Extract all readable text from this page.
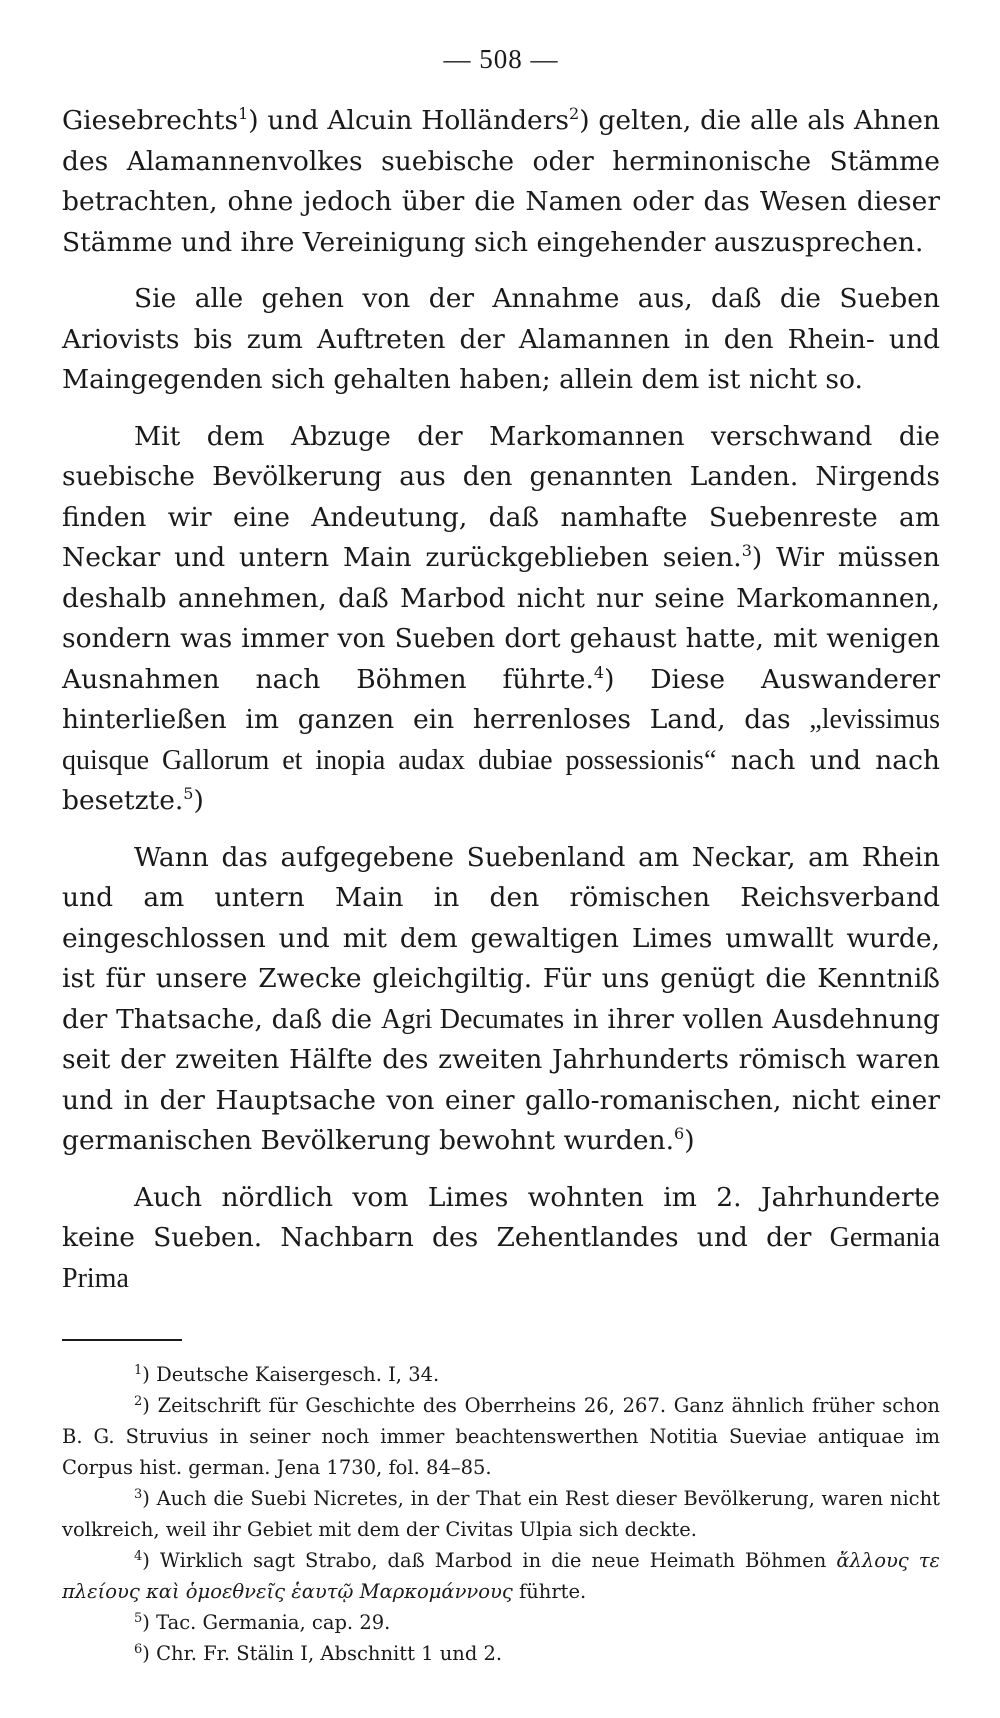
— 508 —

Giesebrechts$^1$) und Alcuin Holländers$^2$) gelten, die alle als Ahnen des Alamannenvolkes suebische oder herminonische Stämme betrachten, ohne jedoch über die Namen oder das Wesen dieser Stämme und ihre Vereinigung sich eingehender auszusprechen.

Sie alle gehen von der Annahme aus, daß die Sueben Ariovists bis zum Auftreten der Alamannen in den Rhein- und Maingegenden sich gehalten haben; allein dem ist nicht so.

Mit dem Abzuge der Markomannen verschwand die suebische Bevölkerung aus den genannten Landen. Nirgends finden wir eine Andeutung, daß namhafte Suebenreste am Neckar und untern Main zurückgeblieben seien.$^3$) Wir müssen deshalb annehmen, daß Marbod nicht nur seine Markomannen, sondern was immer von Sueben dort gehaust hatte, mit wenigen Ausnahmen nach Böhmen führte.$^4$) Diese Auswanderer hinterließen im ganzen ein herrenloses Land, das „levissimus quisque Gallorum et inopia audax dubiae possessionis“ nach und nach besetzte.$^5$)

Wann das aufgegebene Suebenland am Neckar, am Rhein und am untern Main in den römischen Reichsverband eingeschlossen und mit dem gewaltigen Limes umwallt wurde, ist für unsere Zwecke gleichgiltig. Für uns genügt die Kenntniß der Thatsache, daß die Agri Decumates in ihrer vollen Ausdehnung seit der zweiten Hälfte des zweiten Jahrhunderts römisch waren und in der Hauptsache von einer gallo-romanischen, nicht einer germanischen Bevölkerung bewohnt wurden.$^6$)

Auch nördlich vom Limes wohnten im 2. Jahrhunderte keine Sueben. Nachbarn des Zehentlandes und der Germania Prima

$^1$) Deutsche Kaisergesch. I, 34.
$^2$) Zeitschrift für Geschichte des Oberrheins 26, 267. Ganz ähnlich früher schon B. G. Struvius in seiner noch immer beachtenswerthen Notitia Sueviae antiquae im Corpus hist. german. Jena 1730, fol. 84–85.
$^3$) Auch die Suebi Nicretes, in der That ein Rest dieser Bevölkerung, waren nicht volkreich, weil ihr Gebiet mit dem der Civitas Ulpia sich deckte.
$^4$) Wirklich sagt Strabo, daß Marbod in die neue Heimath Böhmen ἄλλους τε πλείους καὶ ὁμοεθνεῖς ἑαυτῷ Μαρκομάννους führte.
$^5$) Tac. Germania, cap. 29.
$^6$) Chr. Fr. Stälin I, Abschnitt 1 und 2.
